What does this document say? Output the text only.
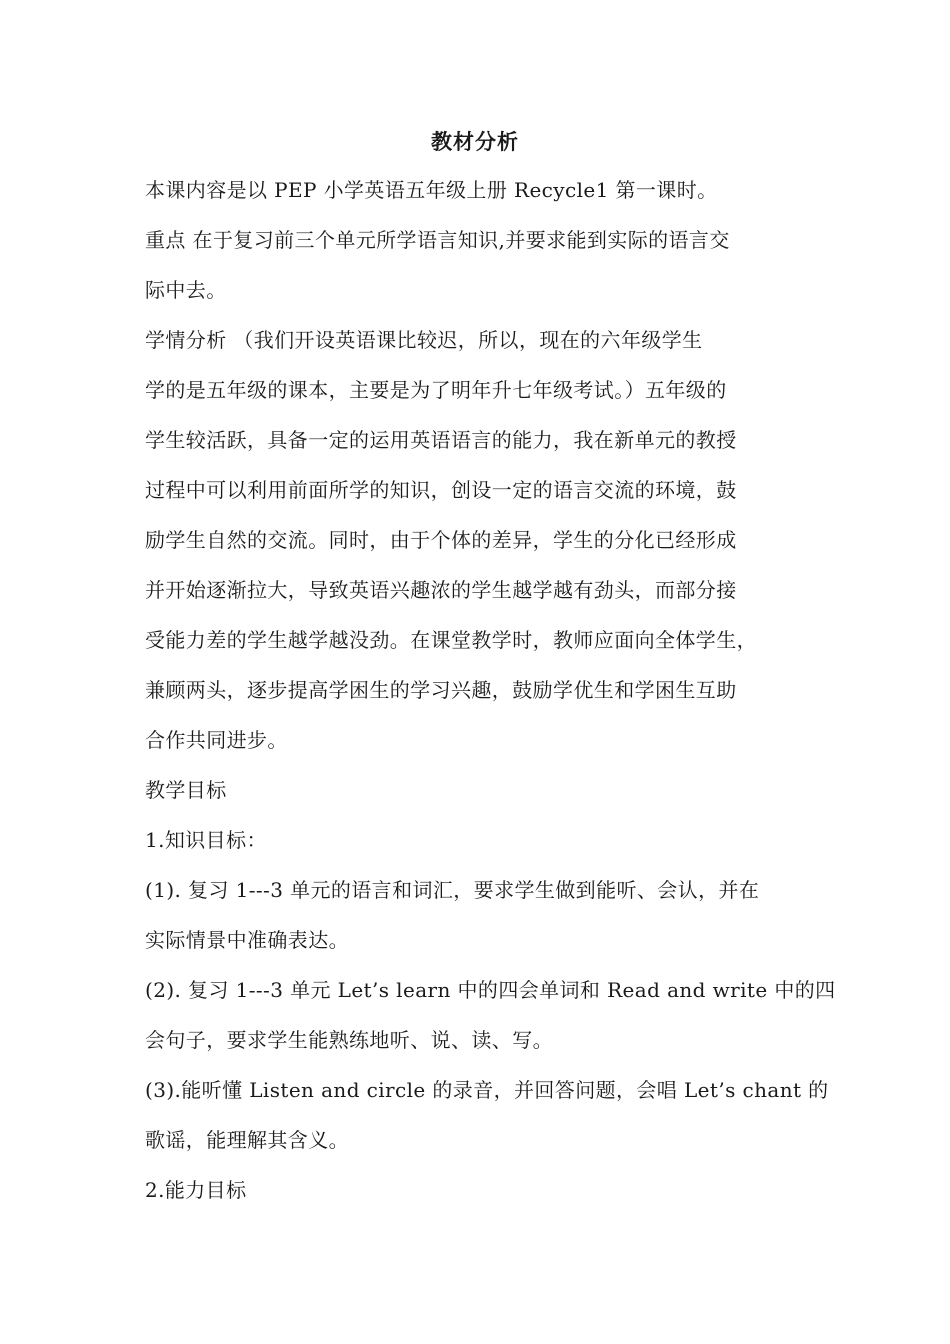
教材分析
本课内容是以 PEP 小学英语五年级上册 Recycle1 第一课时。
重点 在于复习前三个单元所学语言知识,并要求能到实际的语言交
际中去。
学情分析 （我们开设英语课比较迟，所以，现在的六年级学生
学的是五年级的课本，主要是为了明年升七年级考试。）五年级的
学生较活跃，具备一定的运用英语语言的能力，我在新单元的教授
过程中可以利用前面所学的知识，创设一定的语言交流的环境，鼓
励学生自然的交流。同时，由于个体的差异，学生的分化已经形成
并开始逐渐拉大，导致英语兴趣浓的学生越学越有劲头，而部分接
受能力差的学生越学越没劲。在课堂教学时，教师应面向全体学生，
兼顾两头，逐步提高学困生的学习兴趣，鼓励学优生和学困生互助
合作共同进步。
教学目标
1.知识目标：
(1). 复习 1---3 单元的语言和词汇，要求学生做到能听、会认，并在
实际情景中准确表达。
(2). 复习 1---3 单元 Let’s learn 中的四会单词和 Read and write 中的四
会句子，要求学生能熟练地听、说、读、写。
(3).能听懂 Listen and circle 的录音，并回答问题，会唱 Let’s chant 的
歌谣，能理解其含义。
2.能力目标
